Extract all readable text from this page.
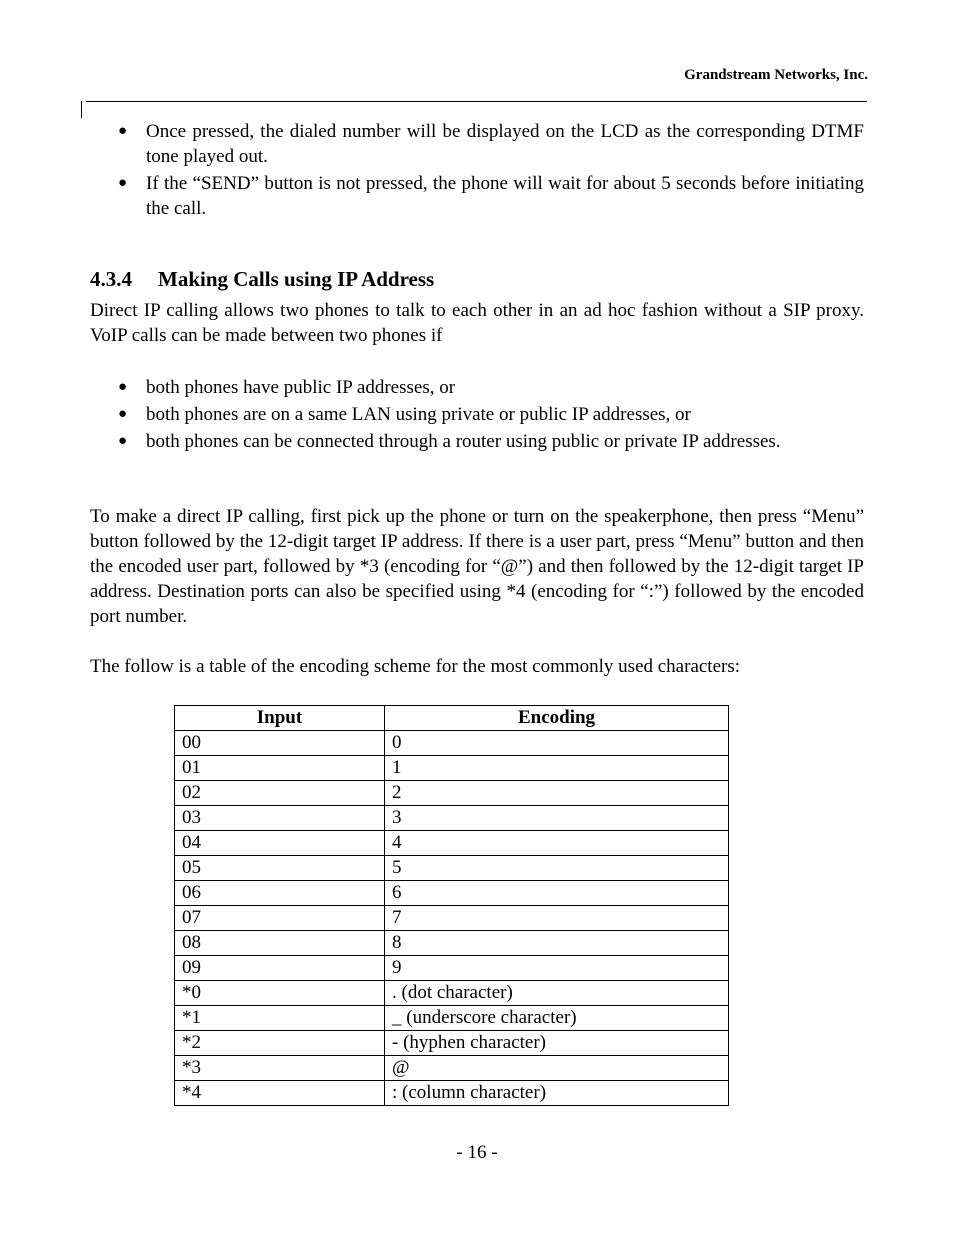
Grandstream Networks, Inc.
● Once pressed, the dialed number will be displayed on the LCD as the corresponding DTMF tone played out.
● If the “SEND” button is not pressed, the phone will wait for about 5 seconds before initiating the call.
4.3.4 Making Calls using IP Address

Direct IP calling allows two phones to talk to each other in an ad hoc fashion without a SIP proxy. VoIP calls can be made between two phones if

● both phones have public IP addresses, or
● both phones are on a same LAN using private or public IP addresses, or
● both phones can be connected through a router using public or private IP addresses.

To make a direct IP calling, first pick up the phone or turn on the speakerphone, then press “Menu” button followed by the 12-digit target IP address. If there is a user part, press “Menu” button and then the encoded user part, followed by *3 (encoding for “@”) and then followed by the 12-digit target IP address. Destination ports can also be specified using *4 (encoding for “:”) followed by the encoded port number.

The follow is a table of the encoding scheme for the most commonly used characters:

Input	Encoding
00	0
01	1
02	2
03	3
04	4
05	5
06	6
07	7
08	8
09	9
*0	. (dot character)
*1	_ (underscore character)
*2	- (hyphen character)
*3	@
*4	: (column character)
- 16 -
